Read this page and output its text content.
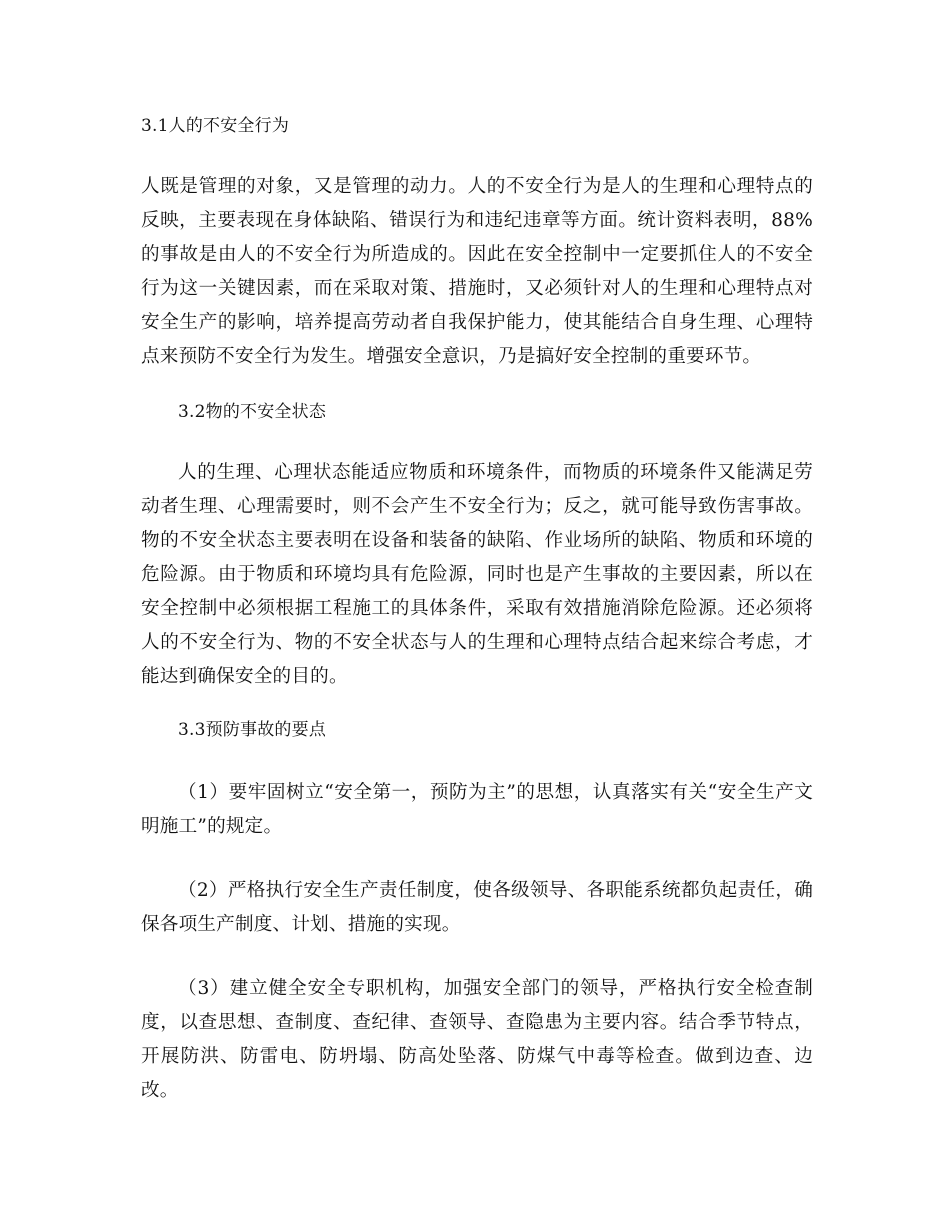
3.1人的不安全行为

人既是管理的对象，又是管理的动力。人的不安全行为是人的生理和心理特点的反映，主要表现在身体缺陷、错误行为和违纪违章等方面。统计资料表明，88%的事故是由人的不安全行为所造成的。因此在安全控制中一定要抓住人的不安全行为这一关键因素，而在采取对策、措施时，又必须针对人的生理和心理特点对安全生产的影响，培养提高劳动者自我保护能力，使其能结合自身生理、心理特点来预防不安全行为发生。增强安全意识，乃是搞好安全控制的重要环节。

3.2物的不安全状态

人的生理、心理状态能适应物质和环境条件，而物质的环境条件又能满足劳动者生理、心理需要时，则不会产生不安全行为；反之，就可能导致伤害事故。物的不安全状态主要表明在设备和装备的缺陷、作业场所的缺陷、物质和环境的危险源。由于物质和环境均具有危险源，同时也是产生事故的主要因素，所以在安全控制中必须根据工程施工的具体条件，采取有效措施消除危险源。还必须将人的不安全行为、物的不安全状态与人的生理和心理特点结合起来综合考虑，才能达到确保安全的目的。

3.3预防事故的要点

（1）要牢固树立“安全第一，预防为主”的思想，认真落实有关“安全生产文明施工”的规定。

（2）严格执行安全生产责任制度，使各级领导、各职能系统都负起责任，确保各项生产制度、计划、措施的实现。

（3）建立健全安全专职机构，加强安全部门的领导，严格执行安全检查制度，以查思想、查制度、查纪律、查领导、查隐患为主要内容。结合季节特点，开展防洪、防雷电、防坍塌、防高处坠落、防煤气中毒等检查。做到边查、边改。
